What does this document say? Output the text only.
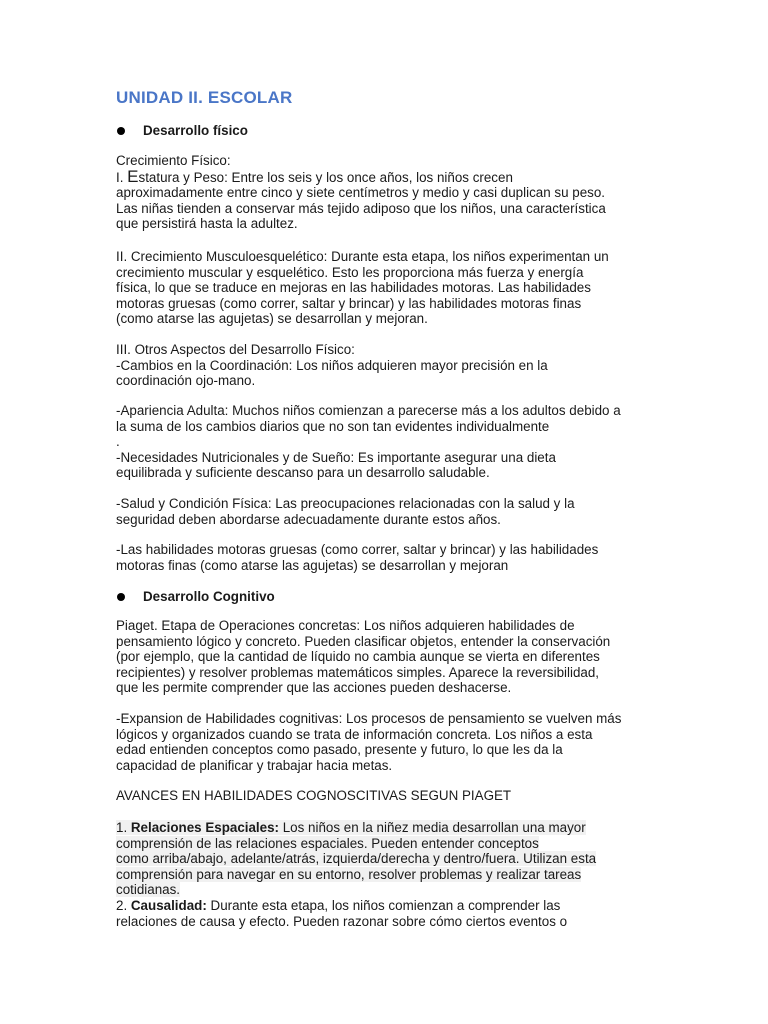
UNIDAD II. ESCOLAR
Desarrollo físico
Crecimiento Físico:
I. Estatura y Peso: Entre los seis y los once años, los niños crecen
aproximadamente entre cinco y siete centímetros y medio y casi duplican su peso.
Las niñas tienden a conservar más tejido adiposo que los niños, una característica
que persistirá hasta la adultez.
II. Crecimiento Musculoesquelético: Durante esta etapa, los niños experimentan un
crecimiento muscular y esquelético. Esto les proporciona más fuerza y energía
física, lo que se traduce en mejoras en las habilidades motoras. Las habilidades
motoras gruesas (como correr, saltar y brincar) y las habilidades motoras finas
(como atarse las agujetas) se desarrollan y mejoran.
III. Otros Aspectos del Desarrollo Físico:
-Cambios en la Coordinación: Los niños adquieren mayor precisión en la
coordinación ojo-mano.
-Apariencia Adulta: Muchos niños comienzan a parecerse más a los adultos debido a
la suma de los cambios diarios que no son tan evidentes individualmente
.
-Necesidades Nutricionales y de Sueño: Es importante asegurar una dieta
equilibrada y suficiente descanso para un desarrollo saludable.
-Salud y Condición Física: Las preocupaciones relacionadas con la salud y la
seguridad deben abordarse adecuadamente durante estos años.
-Las habilidades motoras gruesas (como correr, saltar y brincar) y las habilidades
motoras finas (como atarse las agujetas) se desarrollan y mejoran
Desarrollo Cognitivo
Piaget. Etapa de Operaciones concretas: Los niños adquieren habilidades de
pensamiento lógico y concreto. Pueden clasificar objetos, entender la conservación
(por ejemplo, que la cantidad de líquido no cambia aunque se vierta en diferentes
recipientes) y resolver problemas matemáticos simples. Aparece la reversibilidad,
que les permite comprender que las acciones pueden deshacerse.
-Expansion de Habilidades cognitivas: Los procesos de pensamiento se vuelven más
lógicos y organizados cuando se trata de información concreta. Los niños a esta
edad entienden conceptos como pasado, presente y futuro, lo que les da la
capacidad de planificar y trabajar hacia metas.
AVANCES EN HABILIDADES COGNOSCITIVAS SEGUN PIAGET
1. Relaciones Espaciales: Los niños en la niñez media desarrollan una mayor
comprensión de las relaciones espaciales. Pueden entender conceptos
como arriba/abajo, adelante/atrás, izquierda/derecha y dentro/fuera. Utilizan esta
comprensión para navegar en su entorno, resolver problemas y realizar tareas
cotidianas.
2. Causalidad: Durante esta etapa, los niños comienzan a comprender las
relaciones de causa y efecto. Pueden razonar sobre cómo ciertos eventos o
